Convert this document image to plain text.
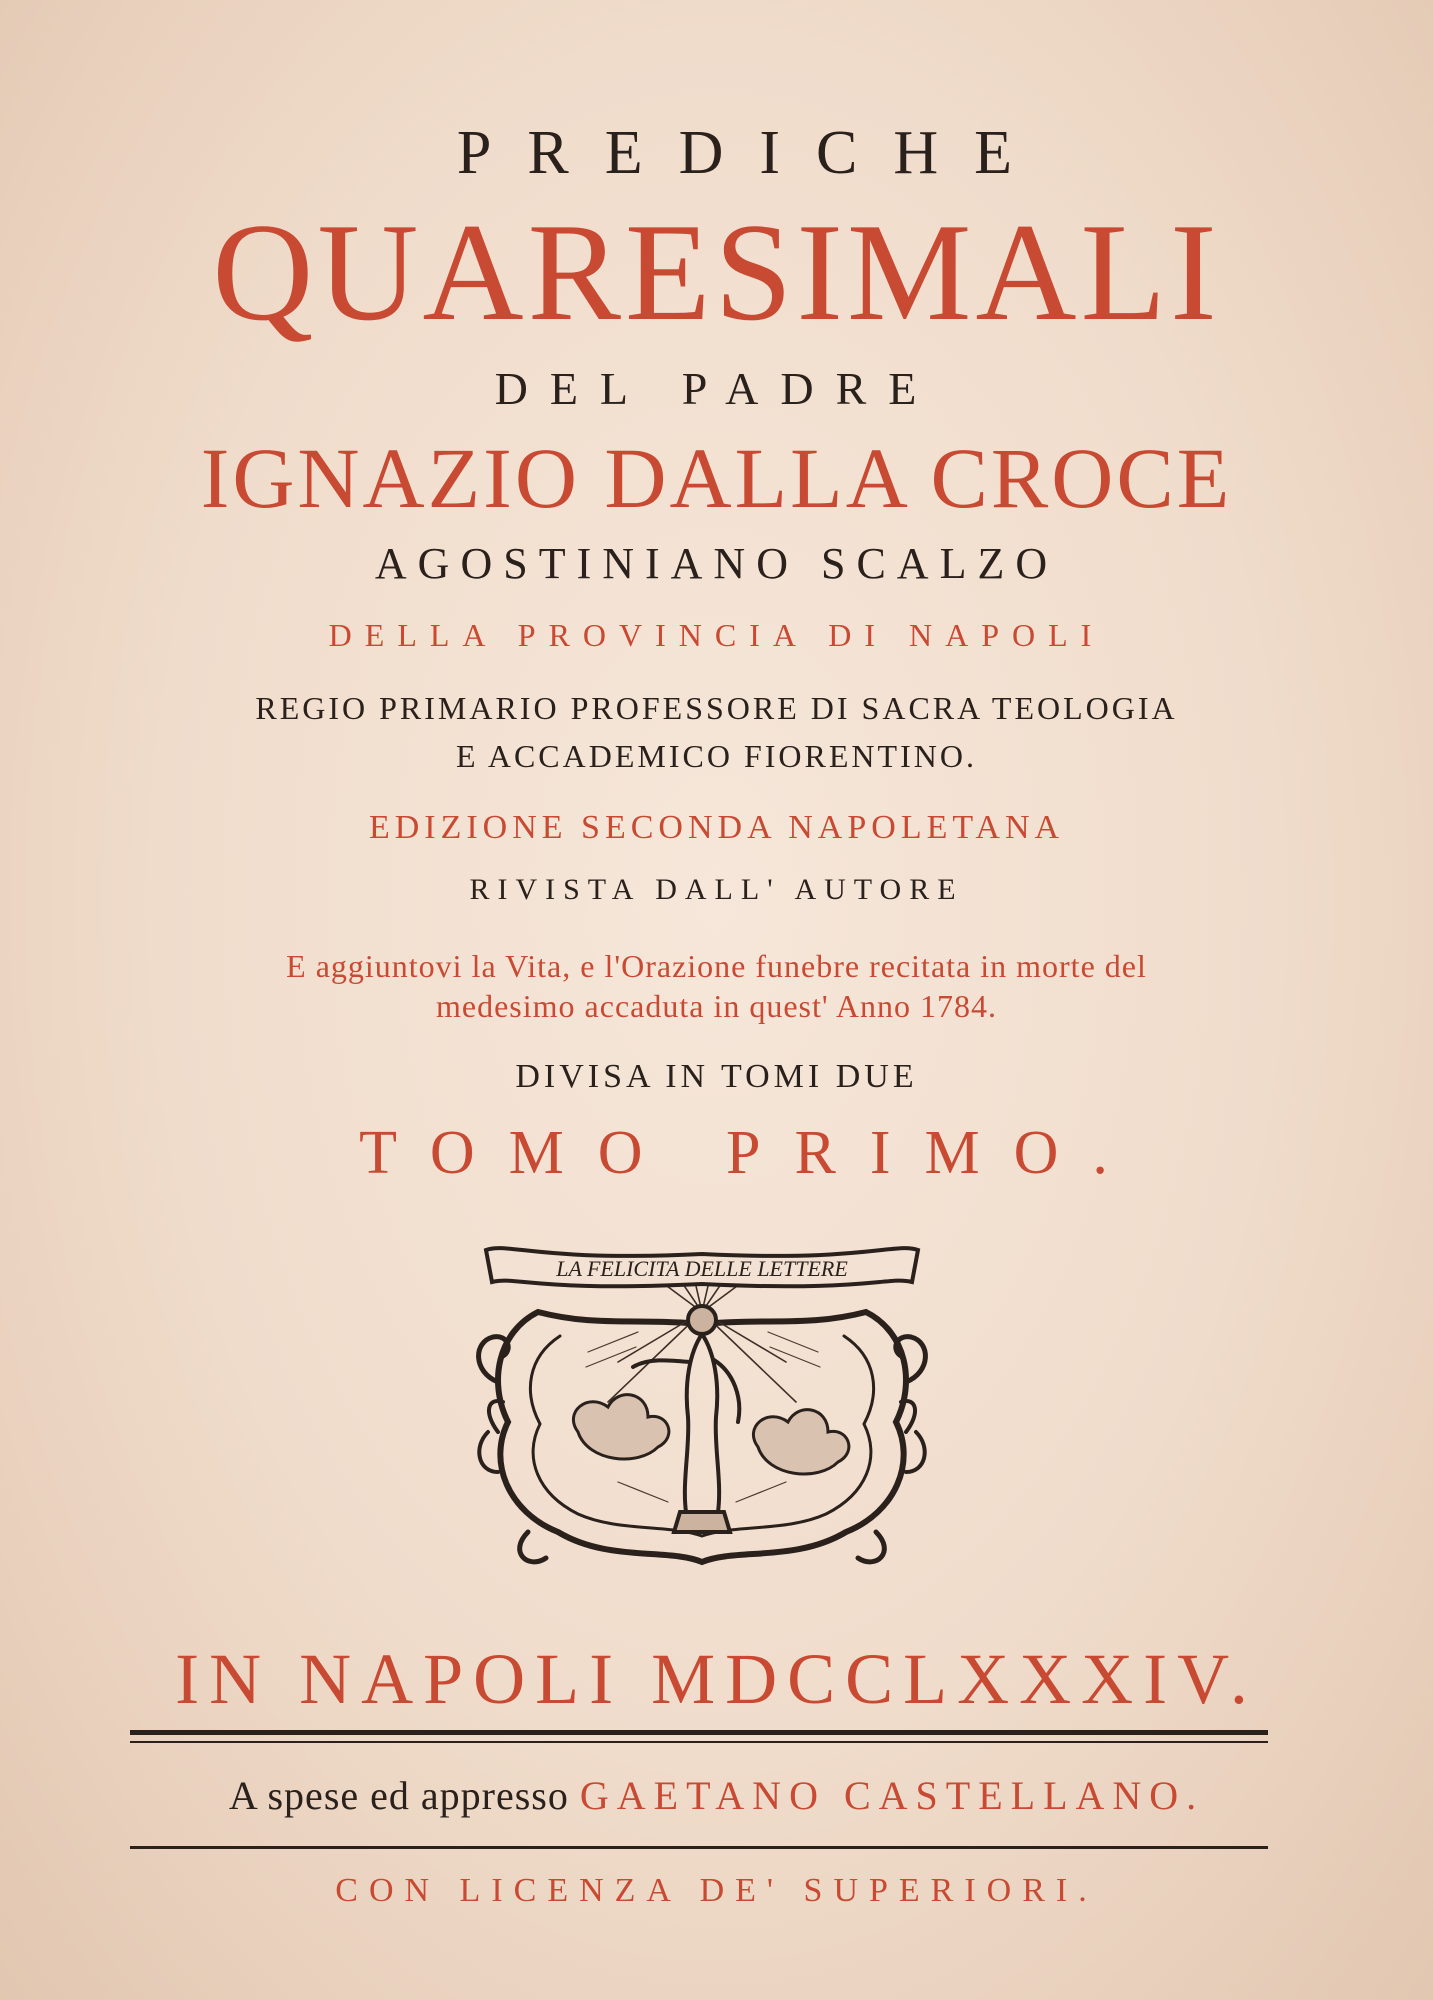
PREDICHE
QUARESIMALI
DEL PADRE
IGNAZIO DALLA CROCE
AGOSTINIANO SCALZO
DELLA PROVINCIA DI NAPOLI
REGIO PRIMARIO PROFESSORE DI SACRA TEOLOGIA
E ACCADEMICO FIORENTINO.
EDIZIONE SECONDA NAPOLETANA
RIVISTA DALL' AUTORE
E aggiuntovi la Vita, e l'Orazione funebre recitata in morte del
medesimo accaduta in quest' Anno 1784.
DIVISA IN TOMI DUE
TOMO PRIMO.
LA FELICITA DELLE LETTERE
IN NAPOLI MDCCLXXXIV.
A spese ed appresso GAETANO CASTELLANO.
CON LICENZA DE' SUPERIORI.
